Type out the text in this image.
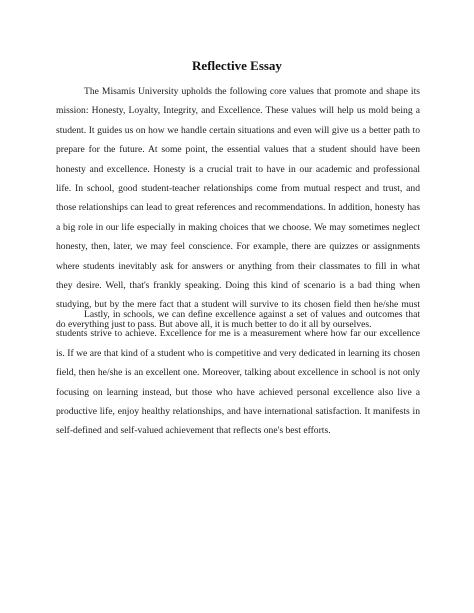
Reflective Essay

The Misamis University upholds the following core values that promote and shape its mission: Honesty, Loyalty, Integrity, and Excellence. These values will help us mold being a student. It guides us on how we handle certain situations and even will give us a better path to prepare for the future. At some point, the essential values that a student should have been honesty and excellence. Honesty is a crucial trait to have in our academic and professional life. In school, good student-teacher relationships come from mutual respect and trust, and those relationships can lead to great references and recommendations. In addition, honesty has a big role in our life especially in making choices that we choose. We may sometimes neglect honesty, then, later, we may feel conscience. For example, there are quizzes or assignments where students inevitably ask for answers or anything from their classmates to fill in what they desire. Well, that's frankly speaking. Doing this kind of scenario is a bad thing when studying, but by the mere fact that a student will survive to its chosen field then he/she must do everything just to pass. But above all, it is much better to do it all by ourselves.

Lastly, in schools, we can define excellence against a set of values and outcomes that students strive to achieve. Excellence for me is a measurement where how far our excellence is. If we are that kind of a student who is competitive and very dedicated in learning its chosen field, then he/she is an excellent one. Moreover, talking about excellence in school is not only focusing on learning instead, but those who have achieved personal excellence also live a productive life, enjoy healthy relationships, and have international satisfaction. It manifests in self-defined and self-valued achievement that reflects one's best efforts.
